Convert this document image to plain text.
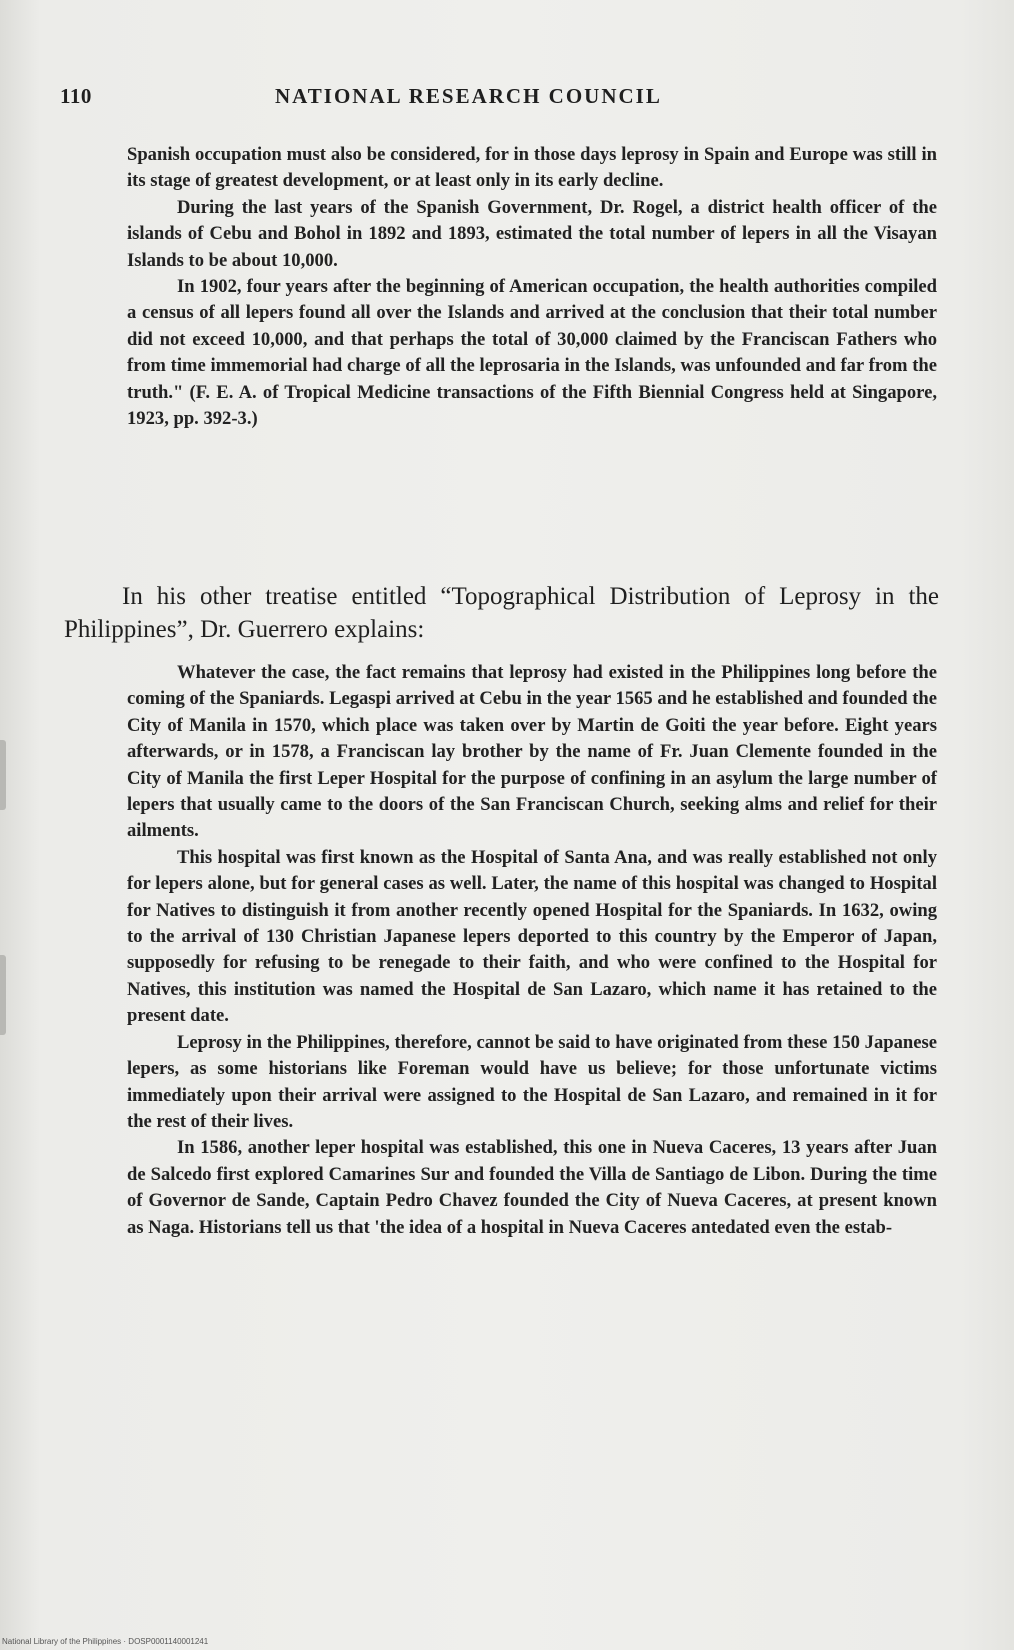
110	NATIONAL RESEARCH COUNCIL

Spanish occupation must also be considered, for in those days leprosy in Spain and Europe was still in its stage of greatest development, or at least only in its early decline.

During the last years of the Spanish Government, Dr. Rogel, a district health officer of the islands of Cebu and Bohol in 1892 and 1893, estimated the total number of lepers in all the Visayan Islands to be about 10,000.

In 1902, four years after the beginning of American occupation, the health authorities compiled a census of all lepers found all over the Islands and arrived at the conclusion that their total number did not exceed 10,000, and that perhaps the total of 30,000 claimed by the Franciscan Fathers who from time immemorial had charge of all the leprosaria in the Islands, was unfounded and far from the truth." (F. E. A. of Tropical Medicine transactions of the Fifth Biennial Congress held at Singapore, 1923, pp. 392-3.)

In his other treatise entitled “Topographical Distribution of Leprosy in the Philippines”, Dr. Guerrero explains:

Whatever the case, the fact remains that leprosy had existed in the Philippines long before the coming of the Spaniards. Legaspi arrived at Cebu in the year 1565 and he established and founded the City of Manila in 1570, which place was taken over by Martin de Goiti the year before. Eight years afterwards, or in 1578, a Franciscan lay brother by the name of Fr. Juan Clemente founded in the City of Manila the first Leper Hospital for the purpose of confining in an asylum the large number of lepers that usually came to the doors of the San Franciscan Church, seeking alms and relief for their ailments.

This hospital was first known as the Hospital of Santa Ana, and was really established not only for lepers alone, but for general cases as well. Later, the name of this hospital was changed to Hospital for Natives to distinguish it from another recently opened Hospital for the Spaniards. In 1632, owing to the arrival of 130 Christian Japanese lepers deported to this country by the Emperor of Japan, supposedly for refusing to be renegade to their faith, and who were confined to the Hospital for Natives, this institution was named the Hospital de San Lazaro, which name it has retained to the present date.

Leprosy in the Philippines, therefore, cannot be said to have originated from these 150 Japanese lepers, as some historians like Foreman would have us believe; for those unfortunate victims immediately upon their arrival were assigned to the Hospital de San Lazaro, and remained in it for the rest of their lives.

In 1586, another leper hospital was established, this one in Nueva Caceres, 13 years after Juan de Salcedo first explored Camarines Sur and founded the Villa de Santiago de Libon. During the time of Governor de Sande, Captain Pedro Chavez founded the City of Nueva Caceres, at present known as Naga. Historians tell us that 'the idea of a hospital in Nueva Caceres antedated even the estab-

National Library of the Philippines · DOSP0001140001241
